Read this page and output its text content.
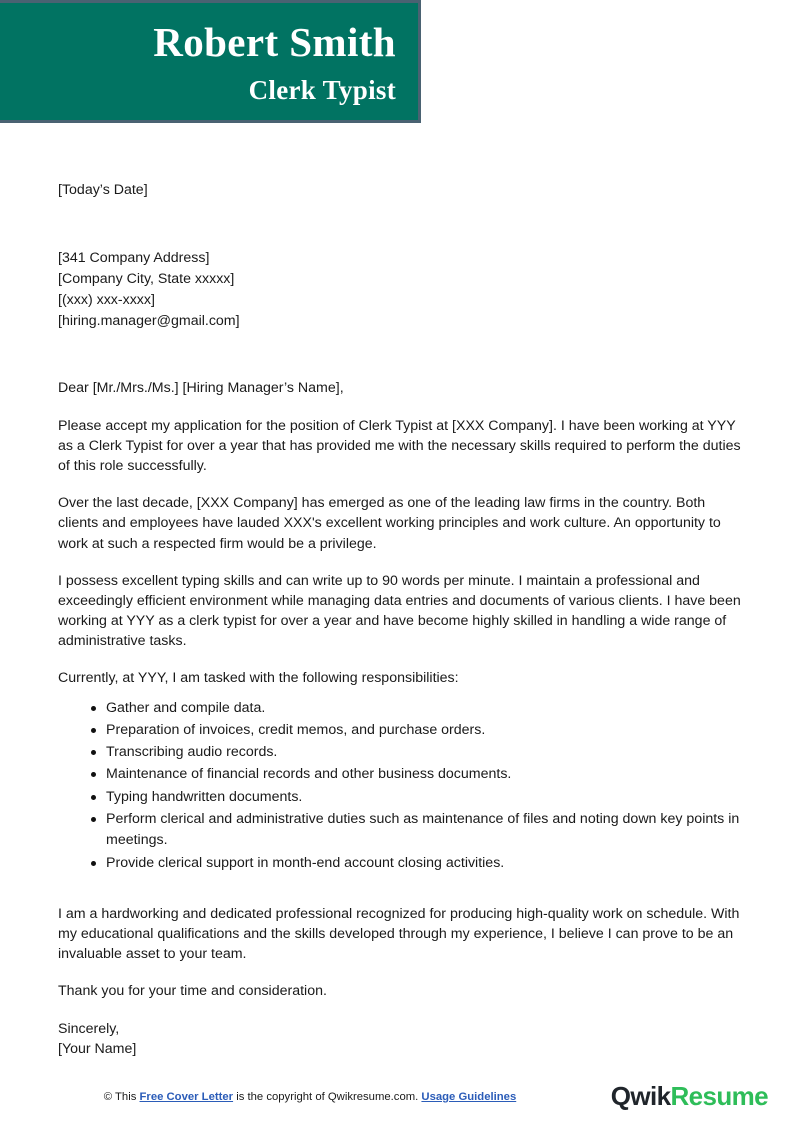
Robert Smith
Clerk Typist
[Today’s Date]
[341 Company Address]
[Company City, State xxxxx]
[(xxx) xxx-xxxx]
[hiring.manager@gmail.com]
Dear [Mr./Mrs./Ms.] [Hiring Manager’s Name],

Please accept my application for the position of Clerk Typist at [XXX Company]. I have been working at YYY as a Clerk Typist for over a year that has provided me with the necessary skills required to perform the duties of this role successfully.

Over the last decade, [XXX Company] has emerged as one of the leading law firms in the country. Both clients and employees have lauded XXX's excellent working principles and work culture. An opportunity to work at such a respected firm would be a privilege.

I possess excellent typing skills and can write up to 90 words per minute. I maintain a professional and exceedingly efficient environment while managing data entries and documents of various clients. I have been working at YYY as a clerk typist for over a year and have become highly skilled in handling a wide range of administrative tasks.

Currently, at YYY, I am tasked with the following responsibilities:

Gather and compile data.
Preparation of invoices, credit memos, and purchase orders.
Transcribing audio records.
Maintenance of financial records and other business documents.
Typing handwritten documents.
Perform clerical and administrative duties such as maintenance of files and noting down key points in meetings.
Provide clerical support in month-end account closing activities.

I am a hardworking and dedicated professional recognized for producing high-quality work on schedule. With my educational qualifications and the skills developed through my experience, I believe I can prove to be an invaluable asset to your team.

Thank you for your time and consideration.

Sincerely,
[Your Name]
© This Free Cover Letter is the copyright of Qwikresume.com. Usage Guidelines	QwikResume
